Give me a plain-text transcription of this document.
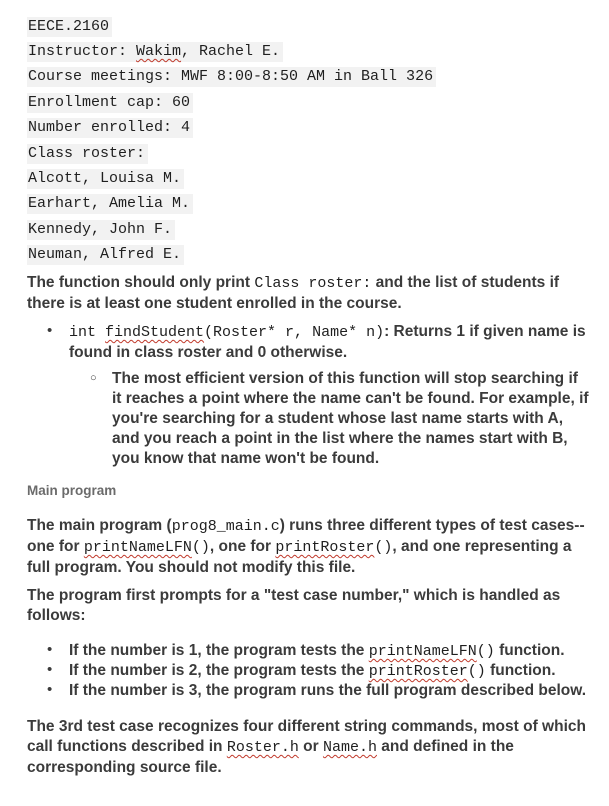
EECE.2160
Instructor: Wakim, Rachel E.
Course meetings: MWF 8:00-8:50 AM in Ball 326
Enrollment cap: 60
Number enrolled: 4
Class roster:
Alcott, Louisa M.
Earhart, Amelia M.
Kennedy, John F.
Neuman, Alfred E.
The function should only print Class roster: and the list of students if there is at least one student enrolled in the course.
• int findStudent(Roster* r, Name* n): Returns 1 if given name is found in class roster and 0 otherwise.
○ The most efficient version of this function will stop searching if it reaches a point where the name can't be found. For example, if you're searching for a student whose last name starts with A, and you reach a point in the list where the names start with B, you know that name won't be found.
Main program
The main program (prog8_main.c) runs three different types of test cases--one for printNameLFN(), one for printRoster(), and one representing a full program. You should not modify this file.
The program first prompts for a "test case number," which is handled as follows:
• If the number is 1, the program tests the printNameLFN() function.
• If the number is 2, the program tests the printRoster() function.
• If the number is 3, the program runs the full program described below.
The 3rd test case recognizes four different string commands, most of which call functions described in Roster.h or Name.h and defined in the corresponding source file.
